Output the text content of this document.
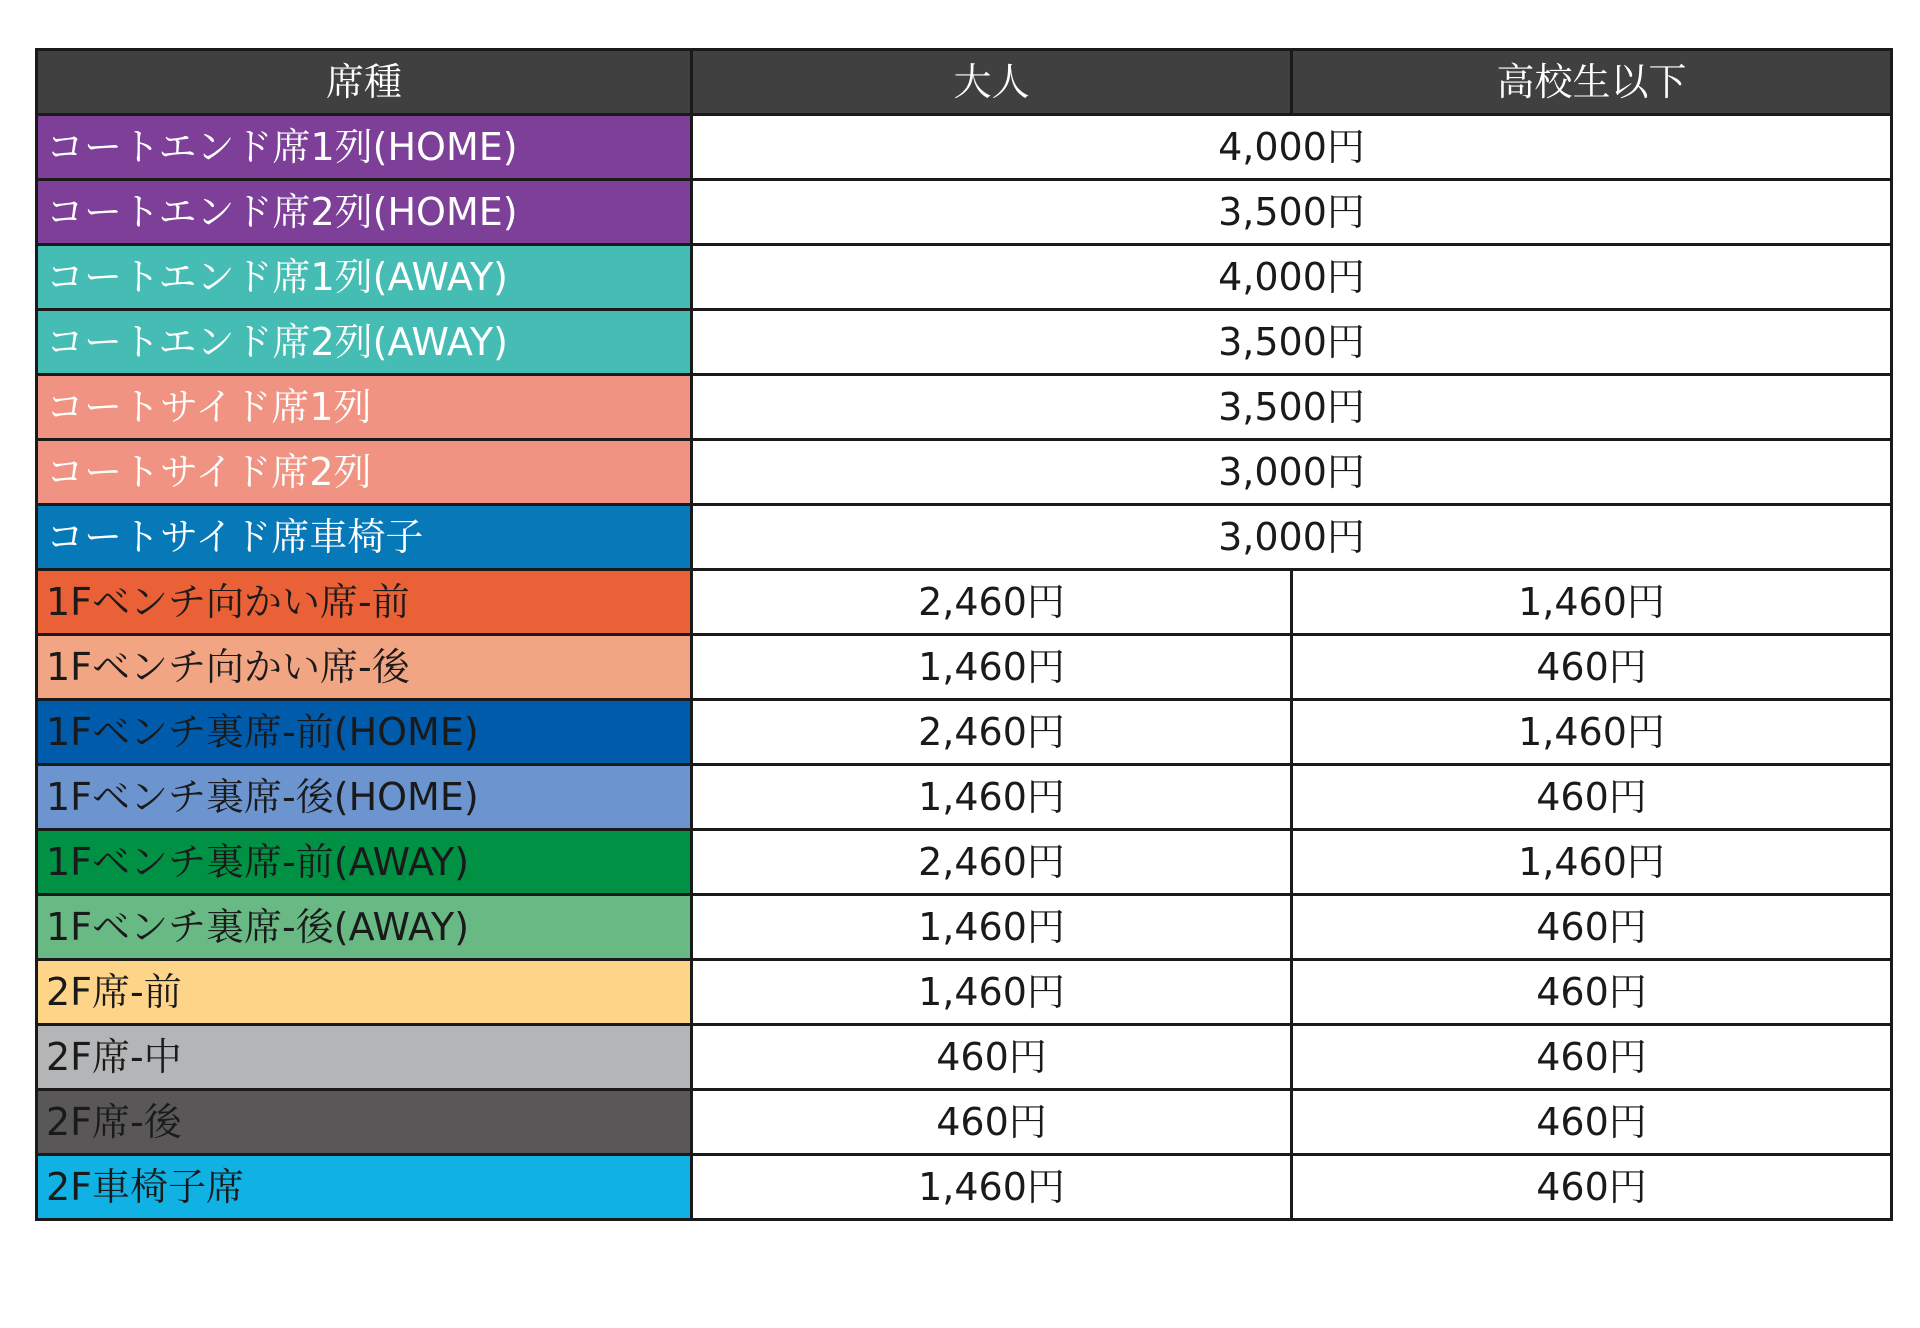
席種	大人	高校生以下
コートエンド席1列(HOME)	4,000円	
コートエンド席2列(HOME)	3,500円	
コートエンド席1列(AWAY)	4,000円	
コートエンド席2列(AWAY)	3,500円	
コートサイド席1列	3,500円	
コートサイド席2列	3,000円	
コートサイド席車椅子	3,000円	
1Fベンチ向かい席-前	2,460円	1,460円
1Fベンチ向かい席-後	1,460円	460円
1Fベンチ裏席-前(HOME)	2,460円	1,460円
1Fベンチ裏席-後(HOME)	1,460円	460円
1Fベンチ裏席-前(AWAY)	2,460円	1,460円
1Fベンチ裏席-後(AWAY)	1,460円	460円
2F席-前	1,460円	460円
2F席-中	460円	460円
2F席-後	460円	460円
2F車椅子席	1,460円	460円
